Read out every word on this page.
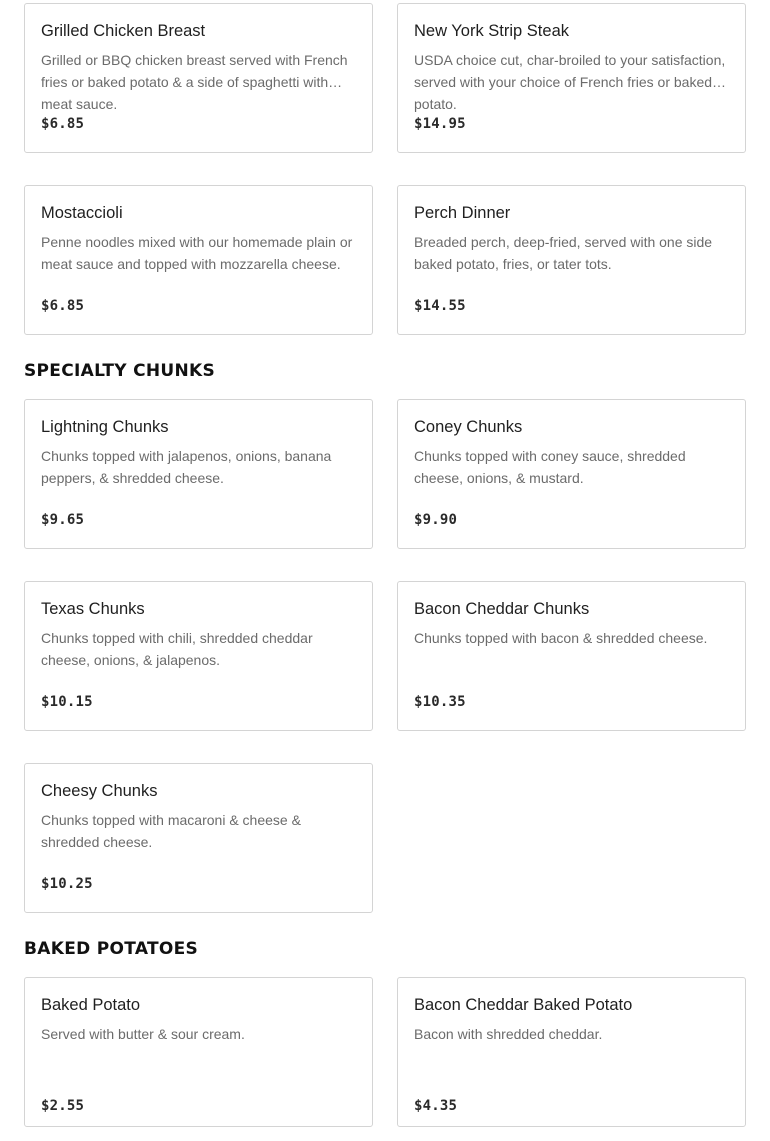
Grilled Chicken Breast
Grilled or BBQ chicken breast served with French fries or baked potato & a side of spaghetti with meat sauce.
$6.85
New York Strip Steak
USDA choice cut, char-broiled to your satisfaction, served with your choice of French fries or baked potato.
$14.95
Mostaccioli
Penne noodles mixed with our homemade plain or meat sauce and topped with mozzarella cheese.
$6.85
Perch Dinner
Breaded perch, deep-fried, served with one side baked potato, fries, or tater tots.
$14.55
SPECIALTY CHUNKS
Lightning Chunks
Chunks topped with jalapenos, onions, banana peppers, & shredded cheese.
$9.65
Coney Chunks
Chunks topped with coney sauce, shredded cheese, onions, & mustard.
$9.90
Texas Chunks
Chunks topped with chili, shredded cheddar cheese, onions, & jalapenos.
$10.15
Bacon Cheddar Chunks
Chunks topped with bacon & shredded cheese.
$10.35
Cheesy Chunks
Chunks topped with macaroni & cheese & shredded cheese.
$10.25
BAKED POTATOES
Baked Potato
Served with butter & sour cream.
$2.55
Bacon Cheddar Baked Potato
Bacon with shredded cheddar.
$4.35
